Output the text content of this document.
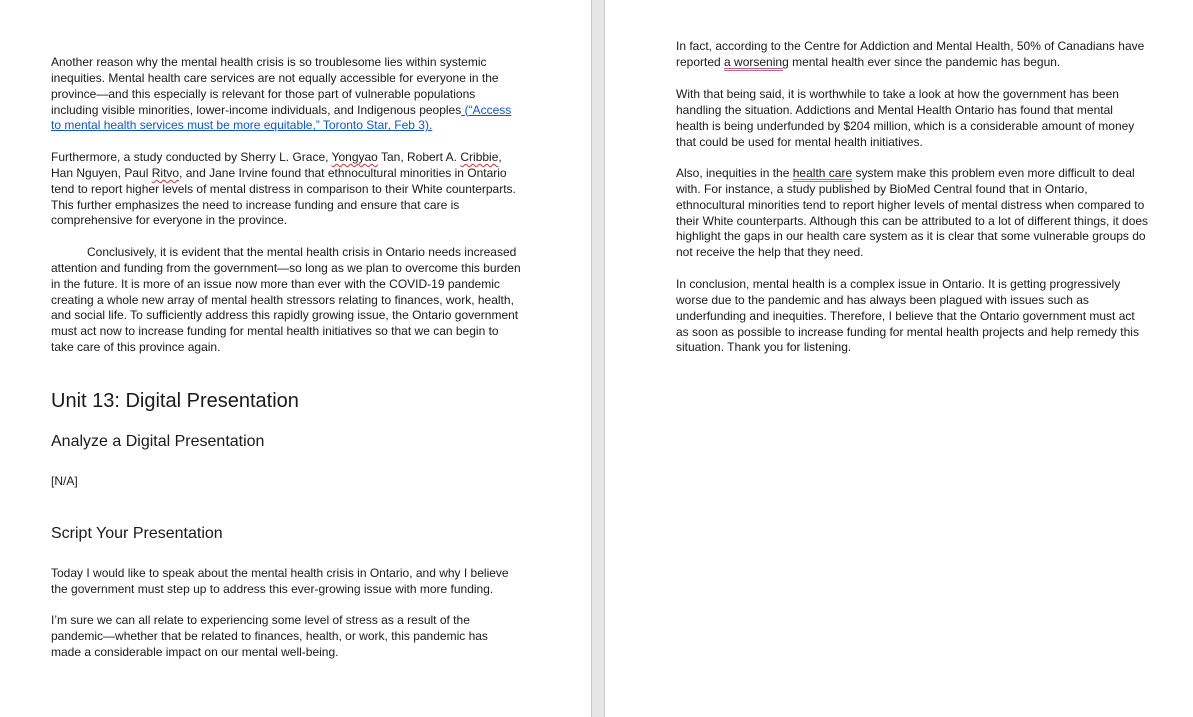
Another reason why the mental health crisis is so troublesome lies within systemic inequities. Mental health care services are not equally accessible for everyone in the province—and this especially is relevant for those part of vulnerable populations including visible minorities, lower-income individuals, and Indigenous peoples (“Access to mental health services must be more equitable,” Toronto Star, Feb 3).

Furthermore, a study conducted by Sherry L. Grace, Yongyao Tan, Robert A. Cribbie, Han Nguyen, Paul Ritvo, and Jane Irvine found that ethnocultural minorities in Ontario tend to report higher levels of mental distress in comparison to their White counterparts. This further emphasizes the need to increase funding and ensure that care is comprehensive for everyone in the province.

Conclusively, it is evident that the mental health crisis in Ontario needs increased attention and funding from the government—so long as we plan to overcome this burden in the future. It is more of an issue now more than ever with the COVID-19 pandemic creating a whole new array of mental health stressors relating to finances, work, health, and social life. To sufficiently address this rapidly growing issue, the Ontario government must act now to increase funding for mental health initiatives so that we can begin to take care of this province again.

Unit 13: Digital Presentation
Analyze a Digital Presentation

[N/A]

Script Your Presentation

Today I would like to speak about the mental health crisis in Ontario, and why I believe the government must step up to address this ever-growing issue with more funding.

I’m sure we can all relate to experiencing some level of stress as a result of the pandemic—whether that be related to finances, health, or work, this pandemic has made a considerable impact on our mental well-being.

In fact, according to the Centre for Addiction and Mental Health, 50% of Canadians have reported a worsening mental health ever since the pandemic has begun.

With that being said, it is worthwhile to take a look at how the government has been handling the situation. Addictions and Mental Health Ontario has found that mental health is being underfunded by $204 million, which is a considerable amount of money that could be used for mental health initiatives.

Also, inequities in the health care system make this problem even more difficult to deal with. For instance, a study published by BioMed Central found that in Ontario, ethnocultural minorities tend to report higher levels of mental distress when compared to their White counterparts. Although this can be attributed to a lot of different things, it does highlight the gaps in our health care system as it is clear that some vulnerable groups do not receive the help that they need.

In conclusion, mental health is a complex issue in Ontario. It is getting progressively worse due to the pandemic and has always been plagued with issues such as underfunding and inequities. Therefore, I believe that the Ontario government must act as soon as possible to increase funding for mental health projects and help remedy this situation. Thank you for listening.
